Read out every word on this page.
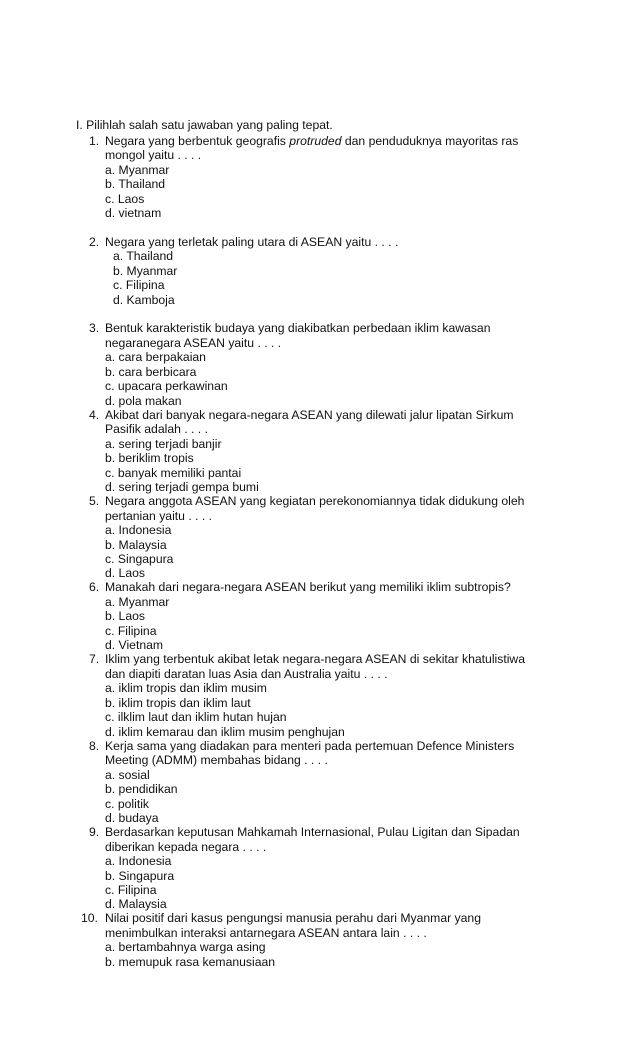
I. Pilihlah salah satu jawaban yang paling tepat.
1. Negara yang berbentuk geografis protruded dan penduduknya mayoritas ras
mongol yaitu . . . .
a. Myanmar
b. Thailand
c. Laos
d. vietnam
2. Negara yang terletak paling utara di ASEAN yaitu . . . .
a. Thailand
b. Myanmar
c. Filipina
d. Kamboja
3. Bentuk karakteristik budaya yang diakibatkan perbedaan iklim kawasan
negaranegara ASEAN yaitu . . . .
a. cara berpakaian
b. cara berbicara
c. upacara perkawinan
d. pola makan
4. Akibat dari banyak negara-negara ASEAN yang dilewati jalur lipatan Sirkum
Pasifik adalah . . . .
a. sering terjadi banjir
b. beriklim tropis
c. banyak memiliki pantai
d. sering terjadi gempa bumi
5. Negara anggota ASEAN yang kegiatan perekonomiannya tidak didukung oleh
pertanian yaitu . . . .
a. Indonesia
b. Malaysia
c. Singapura
d. Laos
6. Manakah dari negara-negara ASEAN berikut yang memiliki iklim subtropis?
a. Myanmar
b. Laos
c. Filipina
d. Vietnam
7. Iklim yang terbentuk akibat letak negara-negara ASEAN di sekitar khatulistiwa
dan diapiti daratan luas Asia dan Australia yaitu . . . .
a. iklim tropis dan iklim musim
b. iklim tropis dan iklim laut
c. ilklim laut dan iklim hutan hujan
d. iklim kemarau dan iklim musim penghujan
8. Kerja sama yang diadakan para menteri pada pertemuan Defence Ministers
Meeting (ADMM) membahas bidang . . . .
a. sosial
b. pendidikan
c. politik
d. budaya
9. Berdasarkan keputusan Mahkamah Internasional, Pulau Ligitan dan Sipadan
diberikan kepada negara . . . .
a. Indonesia
b. Singapura
c. Filipina
d. Malaysia
10. Nilai positif dari kasus pengungsi manusia perahu dari Myanmar yang
menimbulkan interaksi antarnegara ASEAN antara lain . . . .
a. bertambahnya warga asing
b. memupuk rasa kemanusiaan
